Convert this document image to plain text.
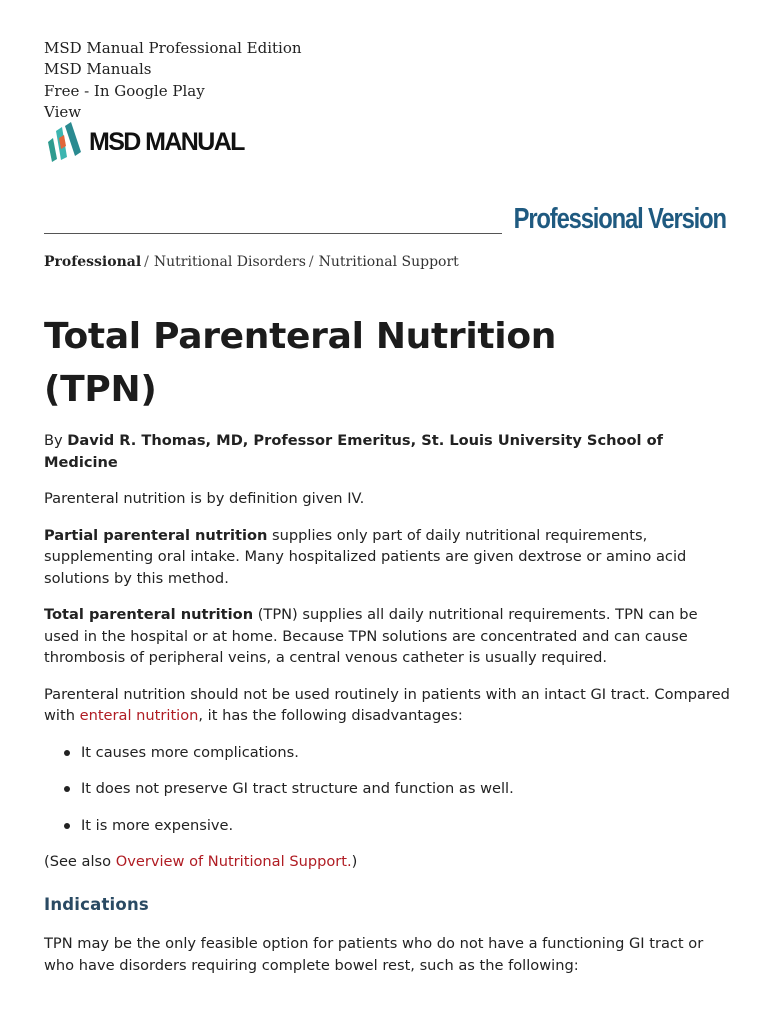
MSD Manual Professional Edition
MSD Manuals
Free - In Google Play
View
MSD MANUAL
Professional Version
Professional / Nutritional Disorders / Nutritional Support
Total Parenteral Nutrition (TPN)

By David R. Thomas, MD, Professor Emeritus, St. Louis University School of Medicine

Parenteral nutrition is by definition given IV.

Partial parenteral nutrition supplies only part of daily nutritional requirements, supplementing oral intake. Many hospitalized patients are given dextrose or amino acid solutions by this method.

Total parenteral nutrition (TPN) supplies all daily nutritional requirements. TPN can be used in the hospital or at home. Because TPN solutions are concentrated and can cause thrombosis of peripheral veins, a central venous catheter is usually required.

Parenteral nutrition should not be used routinely in patients with an intact GI tract. Compared with enteral nutrition, it has the following disadvantages:

It causes more complications.
It does not preserve GI tract structure and function as well.
It is more expensive.

(See also Overview of Nutritional Support.)

Indications

TPN may be the only feasible option for patients who do not have a functioning GI tract or who have disorders requiring complete bowel rest, such as the following:
